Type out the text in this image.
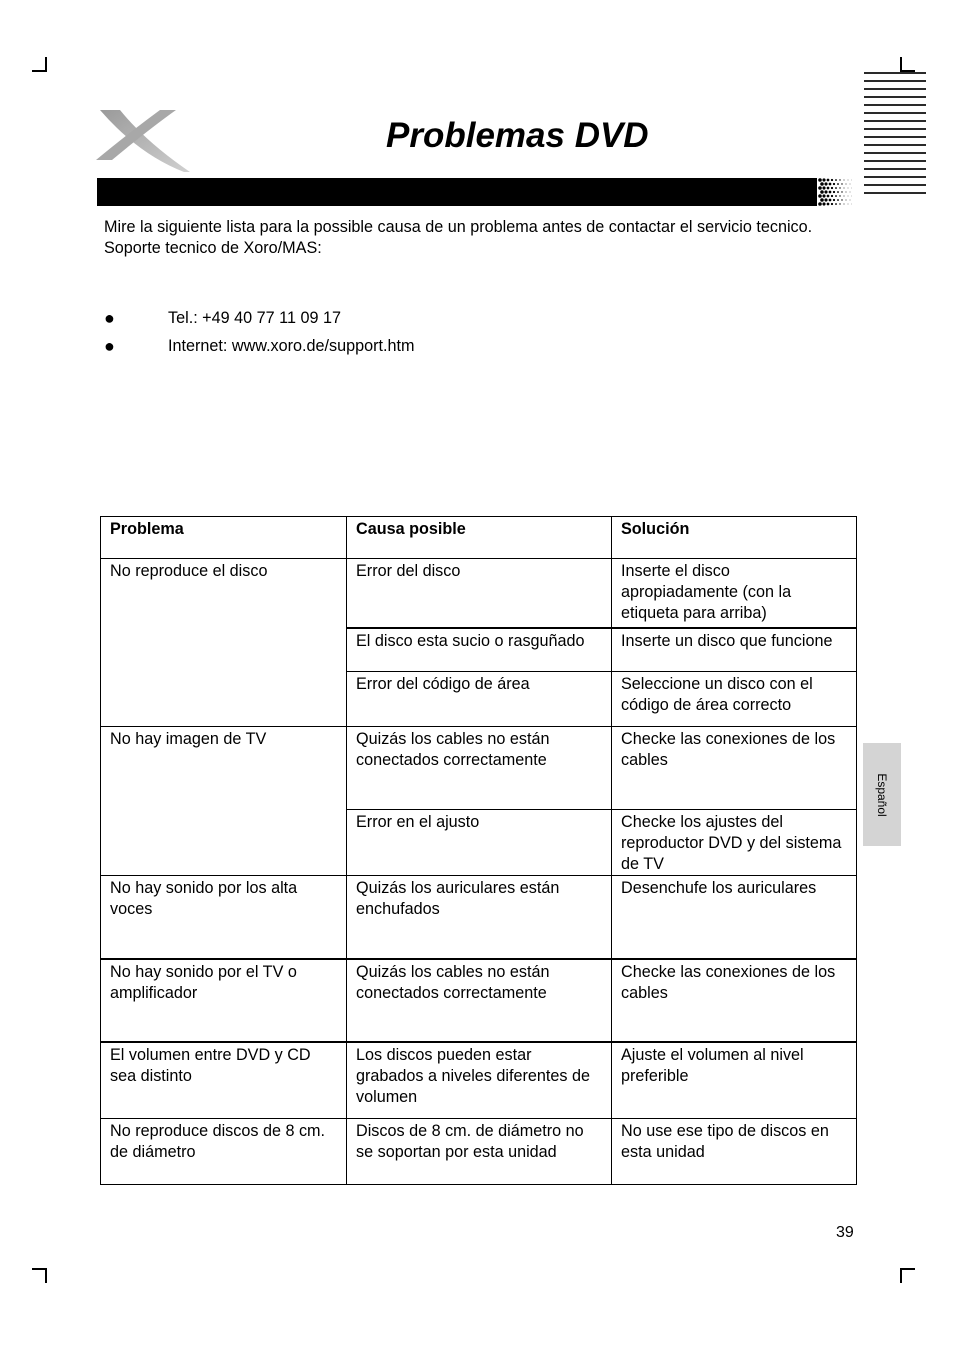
Problemas DVD

Mire la siguiente lista para la possible causa de un problema antes de contactar el servicio tecnico.

Soporte tecnico de Xoro/MAS:

●	Tel.: +49 40 77 11 09 17
●	Internet: www.xoro.de/support.htm
Problema	Causa posible	Solución
No reproduce el disco	Error del disco	Inserte el disco apropiadamente (con la etiqueta para arriba)
	El disco esta sucio o rasguñado	Inserte un disco que funcione
	Error del código de área	Seleccione un disco con el código de área correcto
No hay imagen de TV	Quizás los cables no están conectados correctamente	Checke las conexiones de los cables
	Error en el ajusto	Checke los ajustes del reproductor DVD y del sistema de TV
No hay sonido por los alta voces	Quizás los auriculares están enchufados	Desenchufe los auriculares
No hay sonido por el TV o amplificador	Quizás los cables no están conectados correctamente	Checke las conexiones de los cables
El volumen entre DVD y CD sea distinto	Los discos pueden estar grabados a niveles diferentes de volumen	Ajuste el volumen al nivel preferible
No reproduce discos de 8 cm. de diámetro	Discos de 8 cm. de diámetro no se soportan por esta unidad	No use ese tipo de discos en esta unidad
Español
39
